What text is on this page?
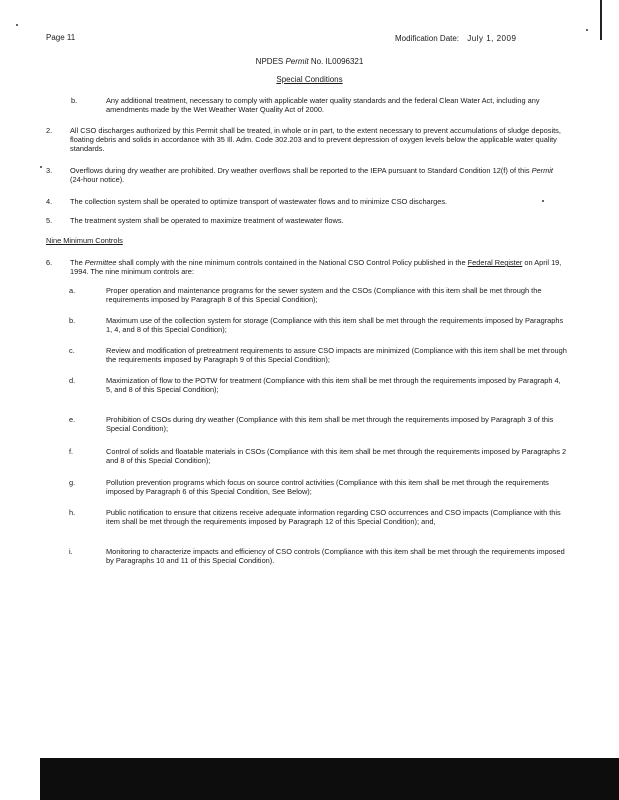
Page 11	Modification Date: July 1, 2009
NPDES Permit No. IL0096321
Special Conditions
b.	Any additional treatment, necessary to comply with applicable water quality standards and the federal Clean Water Act, including any amendments made by the Wet Weather Water Quality Act of 2000.

2. All CSO discharges authorized by this Permit shall be treated, in whole or in part, to the extent necessary to prevent accumulations of sludge deposits, floating debris and solids in accordance with 35 Ill. Adm. Code 302.203 and to prevent depression of oxygen levels below the applicable water quality standards.

3. Overflows during dry weather are prohibited. Dry weather overflows shall be reported to the IEPA pursuant to Standard Condition 12(f) of this Permit (24-hour notice).

4. The collection system shall be operated to optimize transport of wastewater flows and to minimize CSO discharges.

5. The treatment system shall be operated to maximize treatment of wastewater flows.

Nine Minimum Controls
6. The Permittee shall comply with the nine minimum controls contained in the National CSO Control Policy published in the Federal Register on April 19, 1994. The nine minimum controls are:

a.	Proper operation and maintenance programs for the sewer system and the CSOs (Compliance with this item shall be met through the requirements imposed by Paragraph 8 of this Special Condition);

b.	Maximum use of the collection system for storage (Compliance with this item shall be met through the requirements imposed by Paragraphs 1, 4, and 8 of this Special Condition);

c.	Review and modification of pretreatment requirements to assure CSO impacts are minimized (Compliance with this item shall be met through the requirements imposed by Paragraph 9 of this Special Condition);

d.	Maximization of flow to the POTW for treatment (Compliance with this item shall be met through the requirements imposed by Paragraph 4, 5, and 8 of this Special Condition);

e.	Prohibition of CSOs during dry weather (Compliance with this item shall be met through the requirements imposed by Paragraph 3 of this Special Condition);

f.	Control of solids and floatable materials in CSOs (Compliance with this item shall be met through the requirements imposed by Paragraphs 2 and 8 of this Special Condition);

g.	Pollution prevention programs which focus on source control activities (Compliance with this item shall be met through the requirements imposed by Paragraph 6 of this Special Condition, See Below);

h.	Public notification to ensure that citizens receive adequate information regarding CSO occurrences and CSO impacts (Compliance with this item shall be met through the requirements imposed by Paragraph 12 of this Special Condition); and,

i.	Monitoring to characterize impacts and efficiency of CSO controls (Compliance with this item shall be met through the requirements imposed by Paragraphs 10 and 11 of this Special Condition).
